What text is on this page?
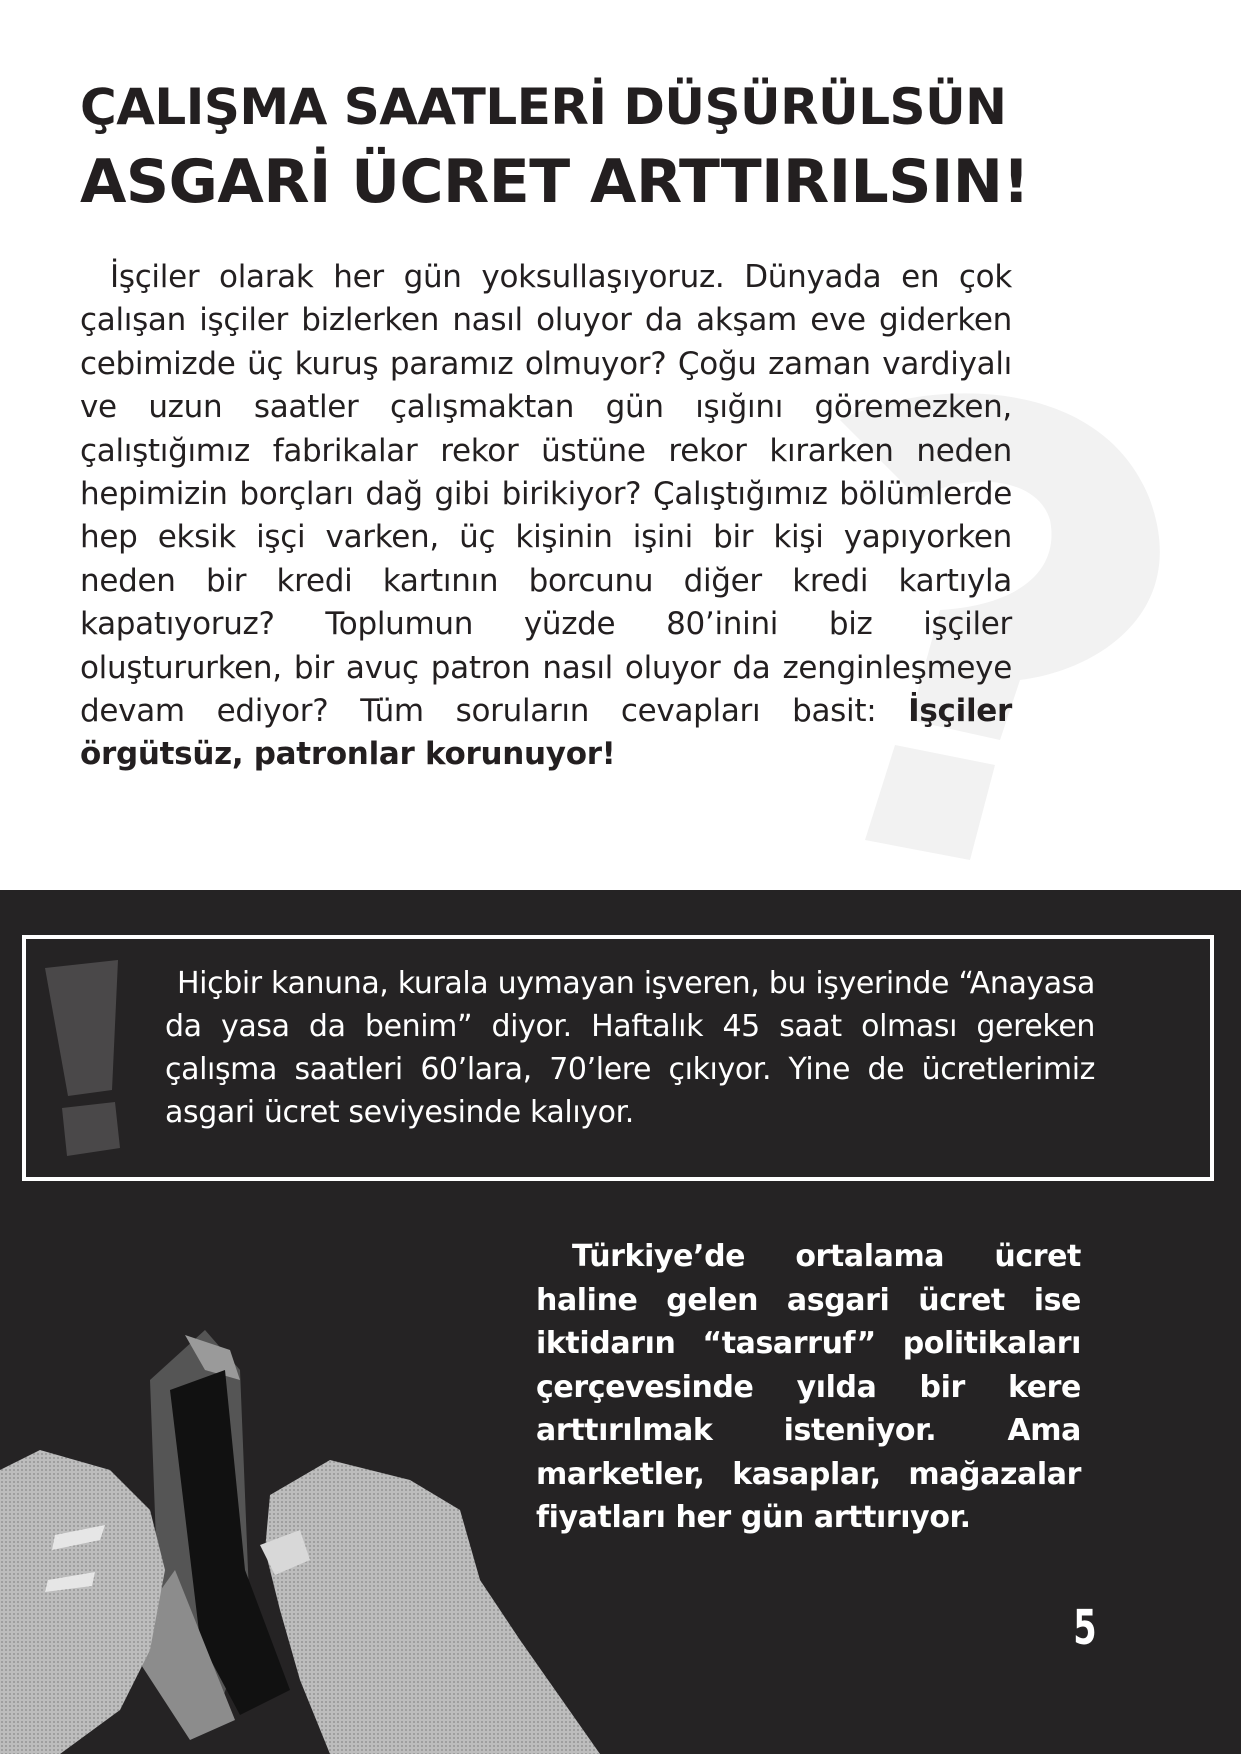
ÇALIŞMA SAATLERİ DÜŞÜRÜLSÜN
ASGARİ ÜCRET ARTTIRILSIN!
İşçiler olarak her gün yoksullaşıyoruz. Dünyada en çok çalışan işçiler bizlerken nasıl oluyor da akşam eve giderken cebimizde üç kuruş paramız olmuyor? Çoğu zaman vardiyalı ve uzun saatler çalışmaktan gün ışığını göremezken, çalıştığımız fabrikalar rekor üstüne rekor kırarken neden hepimizin borçları dağ gibi birikiyor? Çalıştığımız bölümlerde hep eksik işçi varken, üç kişinin işini bir kişi yapıyorken neden bir kredi kartının borcunu diğer kredi kartıyla kapatıyoruz? Toplumun yüzde 80’inini biz işçiler oluştururken, bir avuç patron nasıl oluyor da zenginleşmeye devam ediyor? Tüm soruların cevapları basit: İşçiler örgütsüz, patronlar korunuyor!
Hiçbir kanuna, kurala uymayan işveren, bu işyerinde “Anayasa da yasa da benim” diyor. Haftalık 45 saat olması gereken çalışma saatleri 60’lara, 70’lere çıkıyor. Yine de ücretlerimiz asgari ücret seviyesinde kalıyor.
Türkiye’de ortalama ücret haline gelen asgari ücret ise iktidarın “tasarruf” politikaları çerçevesinde yılda bir kere arttırılmak isteniyor. Ama marketler, kasaplar, mağazalar fiyatları her gün arttırıyor.
5
